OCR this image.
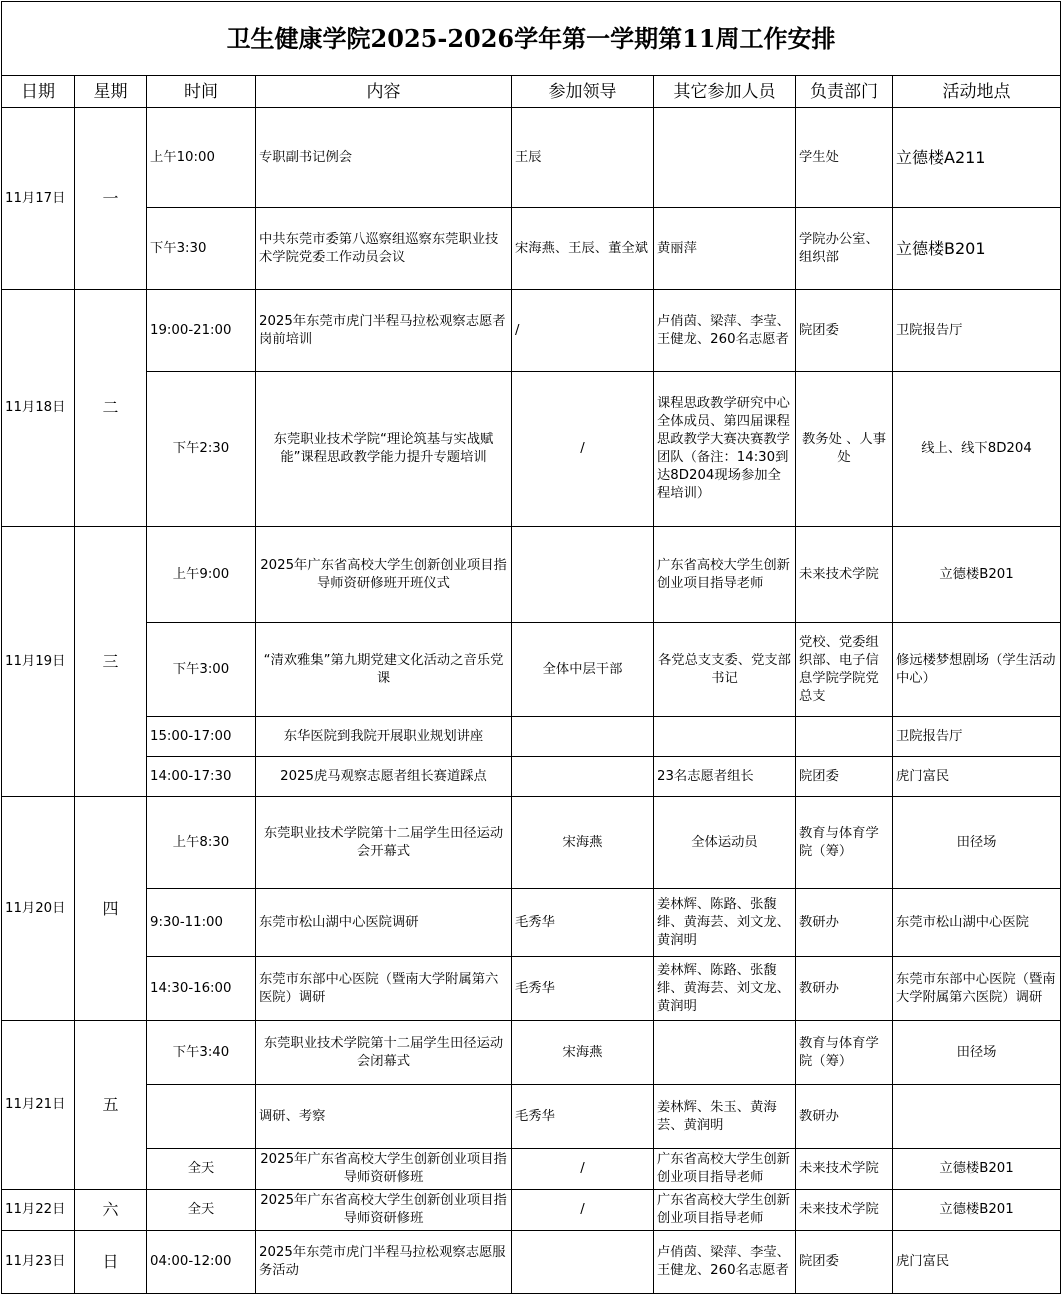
卫生健康学院2025-2026学年第一学期第11周工作安排							
日期	星期	时间	内容	参加领导	其它参加人员	负责部门	活动地点
11月17日	一	上午10:00	专职副书记例会	王辰		学生处	立德楼A211
		下午3:30	中共东莞市委第八巡察组巡察东莞职业技术学院党委工作动员会议	宋海燕、王辰、董全斌	黄丽萍	学院办公室、组织部	立德楼B201
11月18日	二	19:00-21:00	2025年东莞市虎门半程马拉松观察志愿者岗前培训	/	卢俏茵、梁萍、李莹、王健龙、260名志愿者	院团委	卫院报告厅
		下午2:30	东莞职业技术学院“理论筑基与实战赋能”课程思政教学能力提升专题培训	/	课程思政教学研究中心全体成员、第四届课程思政教学大赛决赛教学团队（备注：14:30到达8D204现场参加全程培训）	教务处 、人事处	线上、线下8D204
11月19日	三	上午9:00	2025年广东省高校大学生创新创业项目指导师资研修班开班仪式		广东省高校大学生创新创业项目指导老师	未来技术学院	立德楼B201
		下午3:00	“清欢雅集”第九期党建文化活动之音乐党课	全体中层干部	各党总支支委、党支部书记	党校、党委组织部、电子信息学院学院党总支	修远楼梦想剧场（学生活动中心）
		15:00-17:00	东华医院到我院开展职业规划讲座				卫院报告厅
		14:00-17:30	2025虎马观察志愿者组长赛道踩点		23名志愿者组长	院团委	虎门富民
11月20日	四	上午8:30	东莞职业技术学院第十二届学生田径运动会开幕式	宋海燕	全体运动员	教育与体育学院（筹）	田径场
		9:30-11:00	东莞市松山湖中心医院调研	毛秀华	姜林辉、陈路、张馥绯、黄海芸、刘文龙、黄润明	教研办	东莞市松山湖中心医院
		14:30-16:00	东莞市东部中心医院（暨南大学附属第六医院）调研	毛秀华	姜林辉、陈路、张馥绯、黄海芸、刘文龙、黄润明	教研办	东莞市东部中心医院（暨南大学附属第六医院）调研
11月21日	五	下午3:40	东莞职业技术学院第十二届学生田径运动会闭幕式	宋海燕		教育与体育学院（筹）	田径场
			调研、考察	毛秀华	姜林辉、朱玉、黄海芸、黄润明	教研办	
		全天	2025年广东省高校大学生创新创业项目指导师资研修班	/	广东省高校大学生创新创业项目指导老师	未来技术学院	立德楼B201
11月22日	六	全天	2025年广东省高校大学生创新创业项目指导师资研修班	/	广东省高校大学生创新创业项目指导老师	未来技术学院	立德楼B201
11月23日	日	04:00-12:00	2025年东莞市虎门半程马拉松观察志愿服务活动		卢俏茵、梁萍、李莹、王健龙、260名志愿者	院团委	虎门富民
